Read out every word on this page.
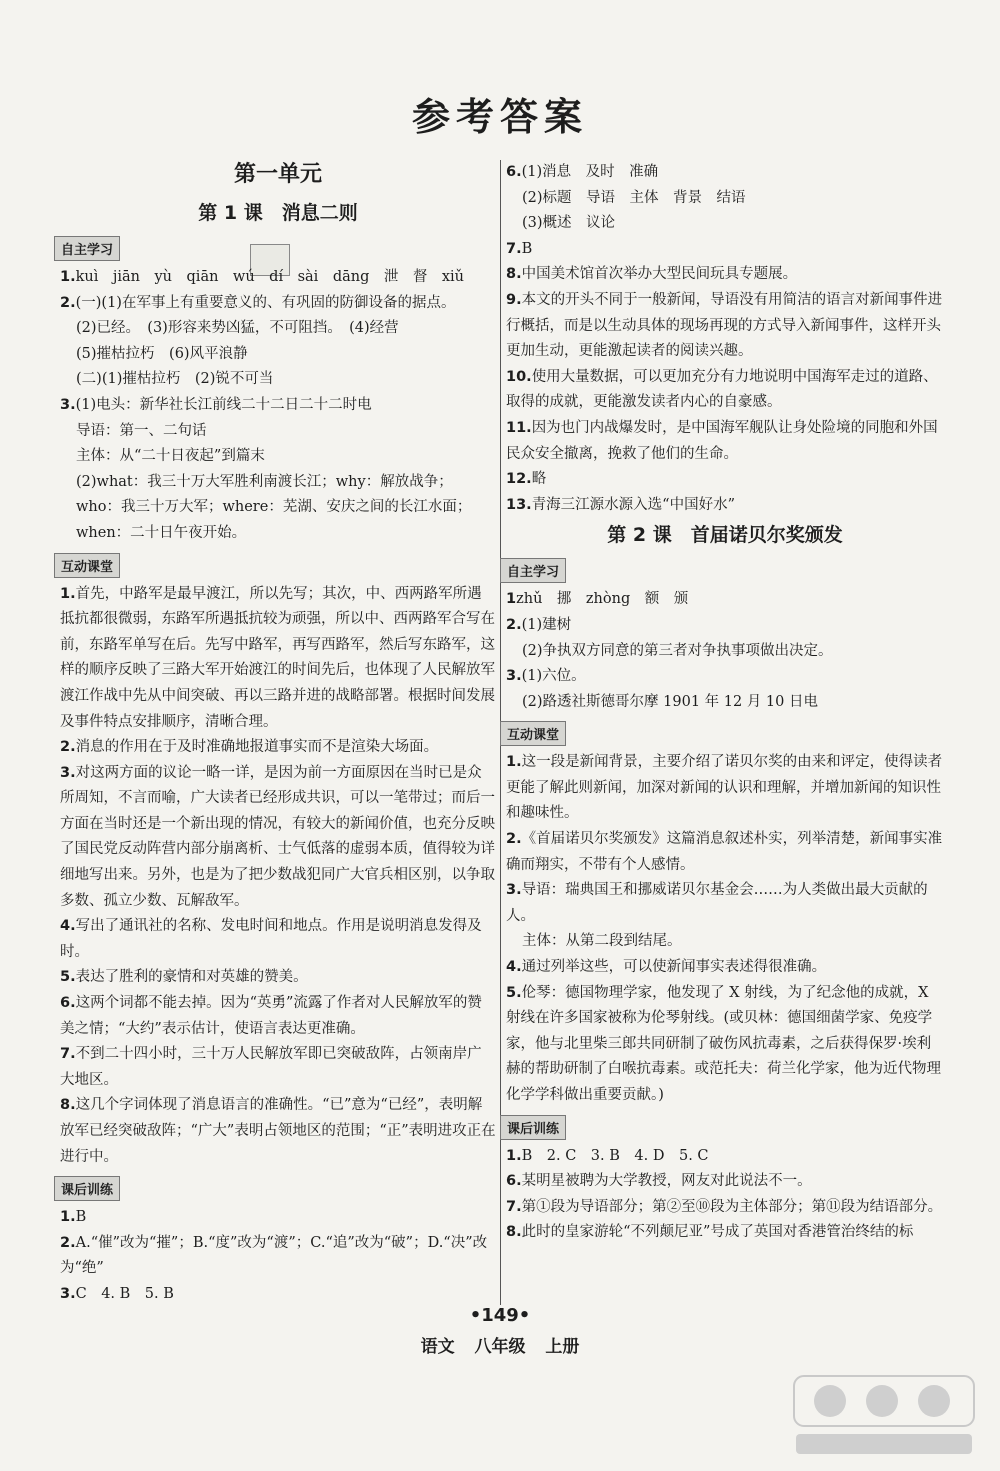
参考答案
第一单元
第 1 课　消息二则
自主学习

1.kuì　jiān　yù　qiān　wú　dí　sài　dāng　泄　督　xiǔ

2.(一)(1)在军事上有重要意义的、有巩固的防御设备的据点。

(2)已经。　(3)形容来势凶猛，不可阻挡。　(4)经营

(5)摧枯拉朽　(6)风平浪静

(二)(1)摧枯拉朽　(2)锐不可当

3.(1)电头：新华社长江前线二十二日二十二时电

导语：第一、二句话

主体：从“二十日夜起”到篇末

(2)what：我三十万大军胜利南渡长江；why：解放战争；who：我三十万大军；where：芜湖、安庆之间的长江水面；when：二十日午夜开始。

互动课堂

1.首先，中路军是最早渡江，所以先写；其次，中、西两路军所遇抵抗都很微弱，东路军所遇抵抗较为顽强，所以中、西两路军合写在前，东路军单写在后。先写中路军，再写西路军，然后写东路军，这样的顺序反映了三路大军开始渡江的时间先后，也体现了人民解放军渡江作战中先从中间突破、再以三路并进的战略部署。根据时间发展及事件特点安排顺序，清晰合理。

2.消息的作用在于及时准确地报道事实而不是渲染大场面。

3.对这两方面的议论一略一详，是因为前一方面原因在当时已是众所周知，不言而喻，广大读者已经形成共识，可以一笔带过；而后一方面在当时还是一个新出现的情况，有较大的新闻价值，也充分反映了国民党反动阵营内部分崩离析、士气低落的虚弱本质，值得较为详细地写出来。另外，也是为了把少数战犯同广大官兵相区别，以争取多数、孤立少数、瓦解敌军。

4.写出了通讯社的名称、发电时间和地点。作用是说明消息发得及时。

5.表达了胜利的豪情和对英雄的赞美。

6.这两个词都不能去掉。因为“英勇”流露了作者对人民解放军的赞美之情；“大约”表示估计，使语言表达更准确。

7.不到二十四小时，三十万人民解放军即已突破敌阵，占领南岸广大地区。

8.这几个字词体现了消息语言的准确性。“已”意为“已经”，表明解放军已经突破敌阵；“广大”表明占领地区的范围；“正”表明进攻正在进行中。

课后训练

1.B

2.A.“催”改为“摧”；B.“度”改为“渡”；C.“追”改为“破”；D.“决”改为“绝”

3.C　4. B　5. B

6.(1)消息　及时　准确

(2)标题　导语　主体　背景　结语

(3)概述　议论

7.B

8.中国美术馆首次举办大型民间玩具专题展。

9.本文的开头不同于一般新闻，导语没有用简洁的语言对新闻事件进行概括，而是以生动具体的现场再现的方式导入新闻事件，这样开头更加生动，更能激起读者的阅读兴趣。

10.使用大量数据，可以更加充分有力地说明中国海军走过的道路、取得的成就，更能激发读者内心的自豪感。

11.因为也门内战爆发时，是中国海军舰队让身处险境的同胞和外国民众安全撤离，挽救了他们的生命。

12.略

13.青海三江源水源入选“中国好水”

第 2 课　首届诺贝尔奖颁发
自主学习

1zhǔ　挪　zhòng　额　颁

2.(1)建树

(2)争执双方同意的第三者对争执事项做出决定。

3.(1)六位。

(2)路透社斯德哥尔摩 1901 年 12 月 10 日电

互动课堂

1.这一段是新闻背景，主要介绍了诺贝尔奖的由来和评定，使得读者更能了解此则新闻，加深对新闻的认识和理解，并增加新闻的知识性和趣味性。

2.《首届诺贝尔奖颁发》这篇消息叙述朴实，列举清楚，新闻事实准确而翔实，不带有个人感情。

3.导语：瑞典国王和挪威诺贝尔基金会……为人类做出最大贡献的人。

主体：从第二段到结尾。

4.通过列举这些，可以使新闻事实表述得很准确。

5.伦琴：德国物理学家，他发现了 X 射线，为了纪念他的成就，X 射线在许多国家被称为伦琴射线。(或贝林：德国细菌学家、免疫学家，他与北里柴三郎共同研制了破伤风抗毒素，之后获得保罗·埃利赫的帮助研制了白喉抗毒素。或范托夫：荷兰化学家，他为近代物理化学学科做出重要贡献。)

课后训练

1.B　2. C　3. B　4. D　5. C

6.某明星被聘为大学教授，网友对此说法不一。

7.第①段为导语部分；第②至⑩段为主体部分；第⑪段为结语部分。

8.此时的皇家游轮“不列颠尼亚”号成了英国对香港管治终结的标

•149•
语文 八年级 上册
